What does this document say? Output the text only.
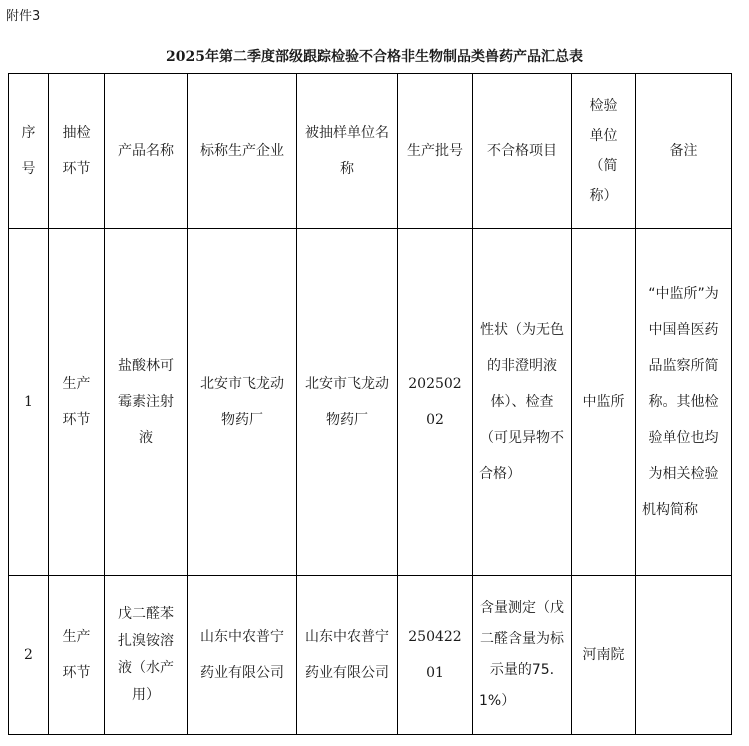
附件3
2025年第二季度部级跟踪检验不合格非生物制品类兽药产品汇总表
序号	抽检环节	产品名称	标称生产企业	被抽样单位名称	生产批号	不合格项目	检验单位（简称）	备注
1	生产环节	盐酸林可霉素注射液	北安市飞龙动物药厂	北安市飞龙动物药厂	20250202	性状（为无色的非澄明液体）、检查（可见异物不合格）	中监所	“中监所”为中国兽医药品监察所简称。其他检验单位也均为相关检验机构简称
2	生产环节	戊二醛苯扎溴铵溶液（水产用）	山东中农普宁药业有限公司	山东中农普宁药业有限公司	25042201	含量测定（戊二醛含量为标示量的75.1%）	河南院	
